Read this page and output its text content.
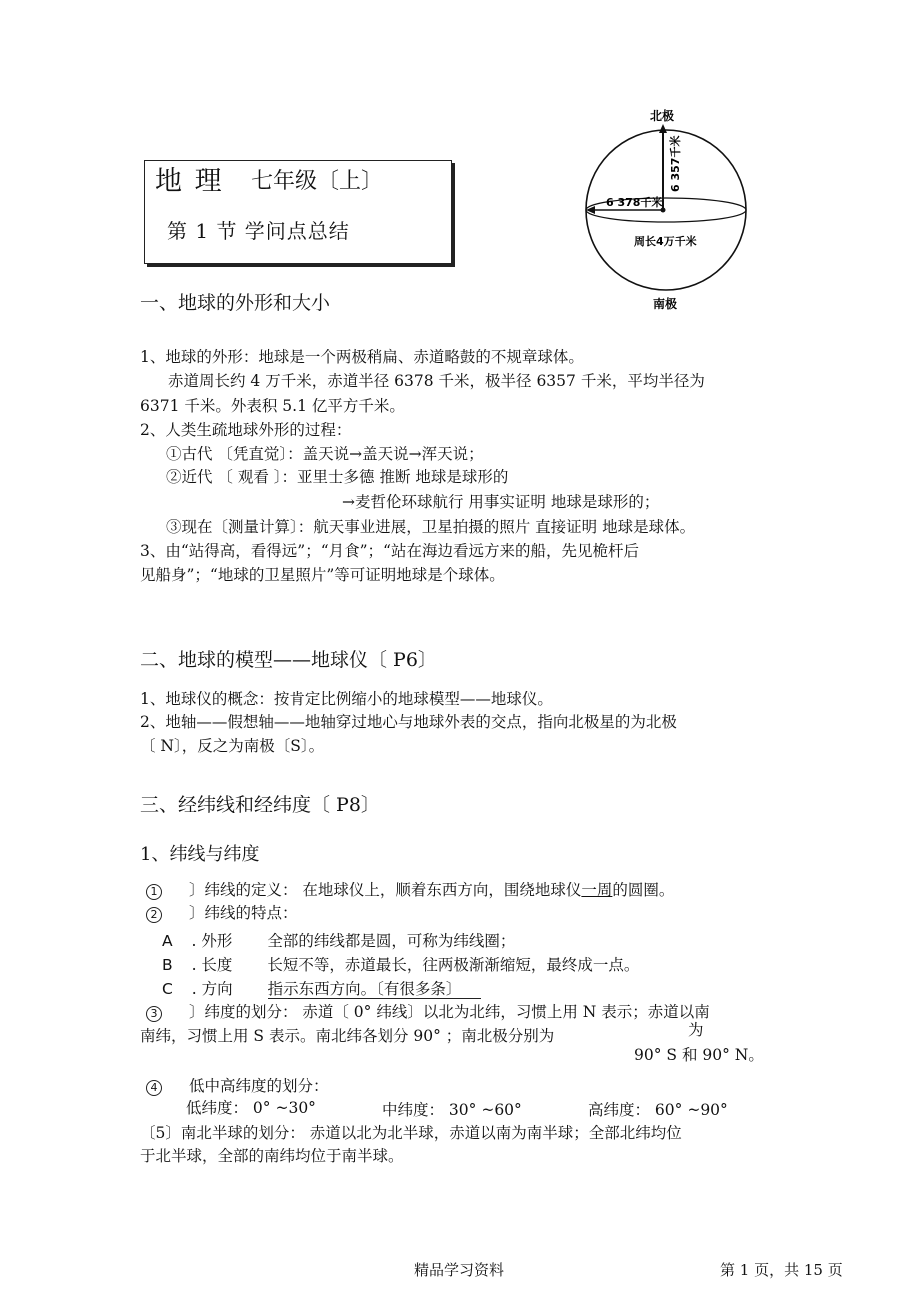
地 理 七年级〔上〕
第 1 节 学问点总结
北极
南极
6 378千米
周长4万千米
6 357千米
一、地球的外形和大小
1、地球的外形：地球是一个两极稍扁、赤道略鼓的不规章球体。
赤道周长约 4 万千米，赤道半径 6378 千米，极半径 6357 千米，平均半径为
6371 千米。外表积 5.1 亿平方千米。
2、人类生疏地球外形的过程：
①古代 〔凭直觉〕：盖天说→盖天说→浑天说；
②近代 〔 观看 〕：亚里士多德 推断 地球是球形的
→麦哲伦环球航行 用事实证明 地球是球形的；
③现在〔测量计算〕：航天事业进展，卫星拍摄的照片 直接证明 地球是球体。
3、由“站得高，看得远”；“月食”；“站在海边看远方来的船，先见桅杆后
见船身”；“地球的卫星照片”等可证明地球是个球体。
二、地球的模型——地球仪〔 P6〕
1、地球仪的概念：按肯定比例缩小的地球模型——地球仪。
2、地轴——假想轴——地轴穿过地心与地球外表的交点，指向北极星的为北极
〔 N〕，反之为南极〔S〕。
三、经纬线和经纬度〔 P8〕
1、纬线与纬度
1 〕纬线的定义： 在地球仪上，顺着东西方向，围绕地球仪一周的圆圈。
2 〕纬线的特点：
A . 外形 全部的纬线都是圆，可称为纬线圈；
B . 长度 长短不等，赤道最长，往两极渐渐缩短，最终成一点。
C . 方向 指示东西方向。〔有很多条〕
3 〕纬度的划分： 赤道〔 0° 纬线〕以北为北纬，习惯上用 N 表示；赤道以南
南纬，习惯上用 S 表示。南北纬各划分 90° ；南北极分别为	为
90° S 和 90° N。
4 低中高纬度的划分：
低纬度： 0° ~30°	中纬度： 30° ~60°	高纬度： 60° ~90°
〔5〕南北半球的划分： 赤道以北为北半球，赤道以南为南半球；全部北纬均位
于北半球，全部的南纬均位于南半球。
精品学习资料	第 1 页，共 15 页
